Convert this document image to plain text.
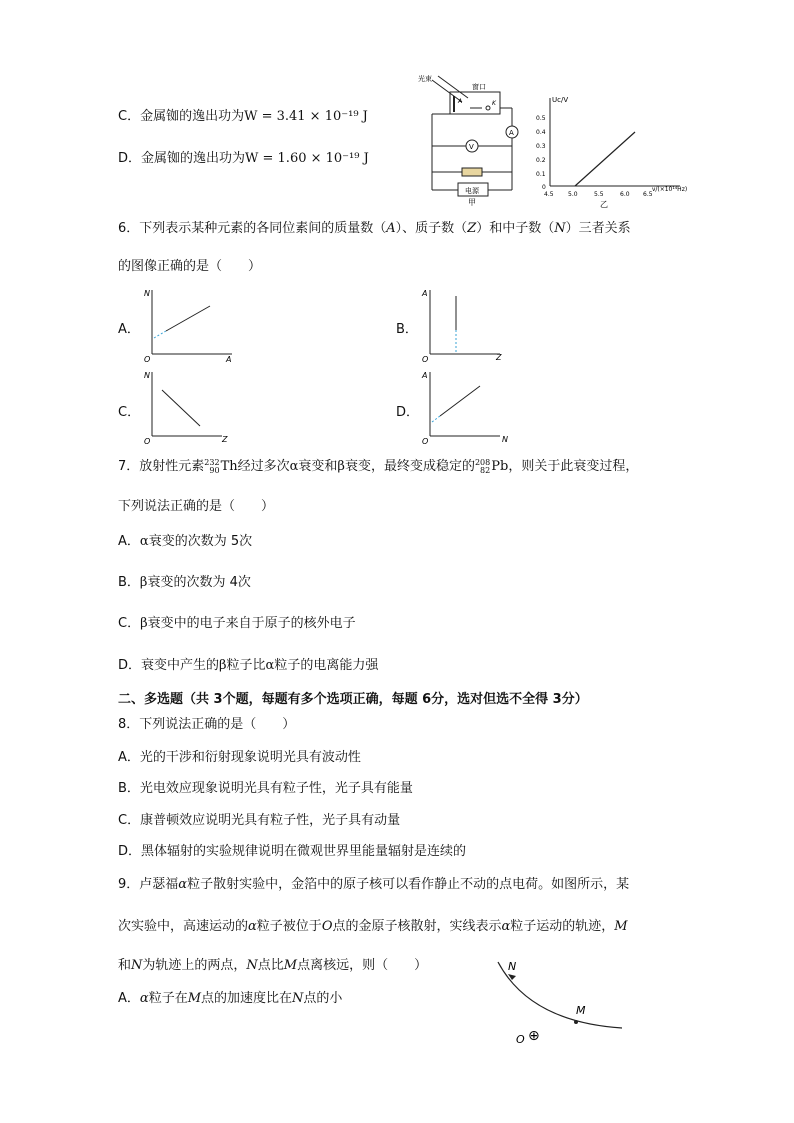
C．金属铷的逸出功为W = 3.41 × 10⁻¹⁹ J
D．金属铷的逸出功为W = 1.60 × 10⁻¹⁹ J
光束
窗口
A	K
A
V
电源
甲
Uᴄ/V
0.5
0.4
0.3
0.2
0.1
0
4.5 5.0	5.5	6.0 6.5
ν/(×10¹⁴Hz)
乙
6．下列表示某种元素的各同位素间的质量数（A）、质子数（Z）和中子数（N）三者关系
的图像正确的是（　　）
A．	B．
C．	D．
N
A
O
A
Z
O
N
Z
O
A
N
O
7．放射性元素 232
90 Th经过多次α衰变和β衰变，最终变成稳定的 208
82 Pb，则关于此衰变过程，
下列说法正确的是（　　）
A．α衰变的次数为 5次
B．β衰变的次数为 4次
C．β衰变中的电子来自于原子的核外电子
D．衰变中产生的β粒子比α粒子的电离能力强
二、多选题（共 3个题，每题有多个选项正确，每题 6分，选对但选不全得 3分）
8．下列说法正确的是（　　）
A．光的干涉和衍射现象说明光具有波动性
B．光电效应现象说明光具有粒子性，光子具有能量
C．康普顿效应说明光具有粒子性，光子具有动量
D．黑体辐射的实验规律说明在微观世界里能量辐射是连续的
9．卢瑟福α粒子散射实验中，金箔中的原子核可以看作静止不动的点电荷。如图所示，某
次实验中，高速运动的α粒子被位于O点的金原子核散射，实线表示α粒子运动的轨迹，M
和N为轨迹上的两点，N点比M点离核远，则（　　）
A．α粒子在M点的加速度比在N点的小
N
M
O ⊕
